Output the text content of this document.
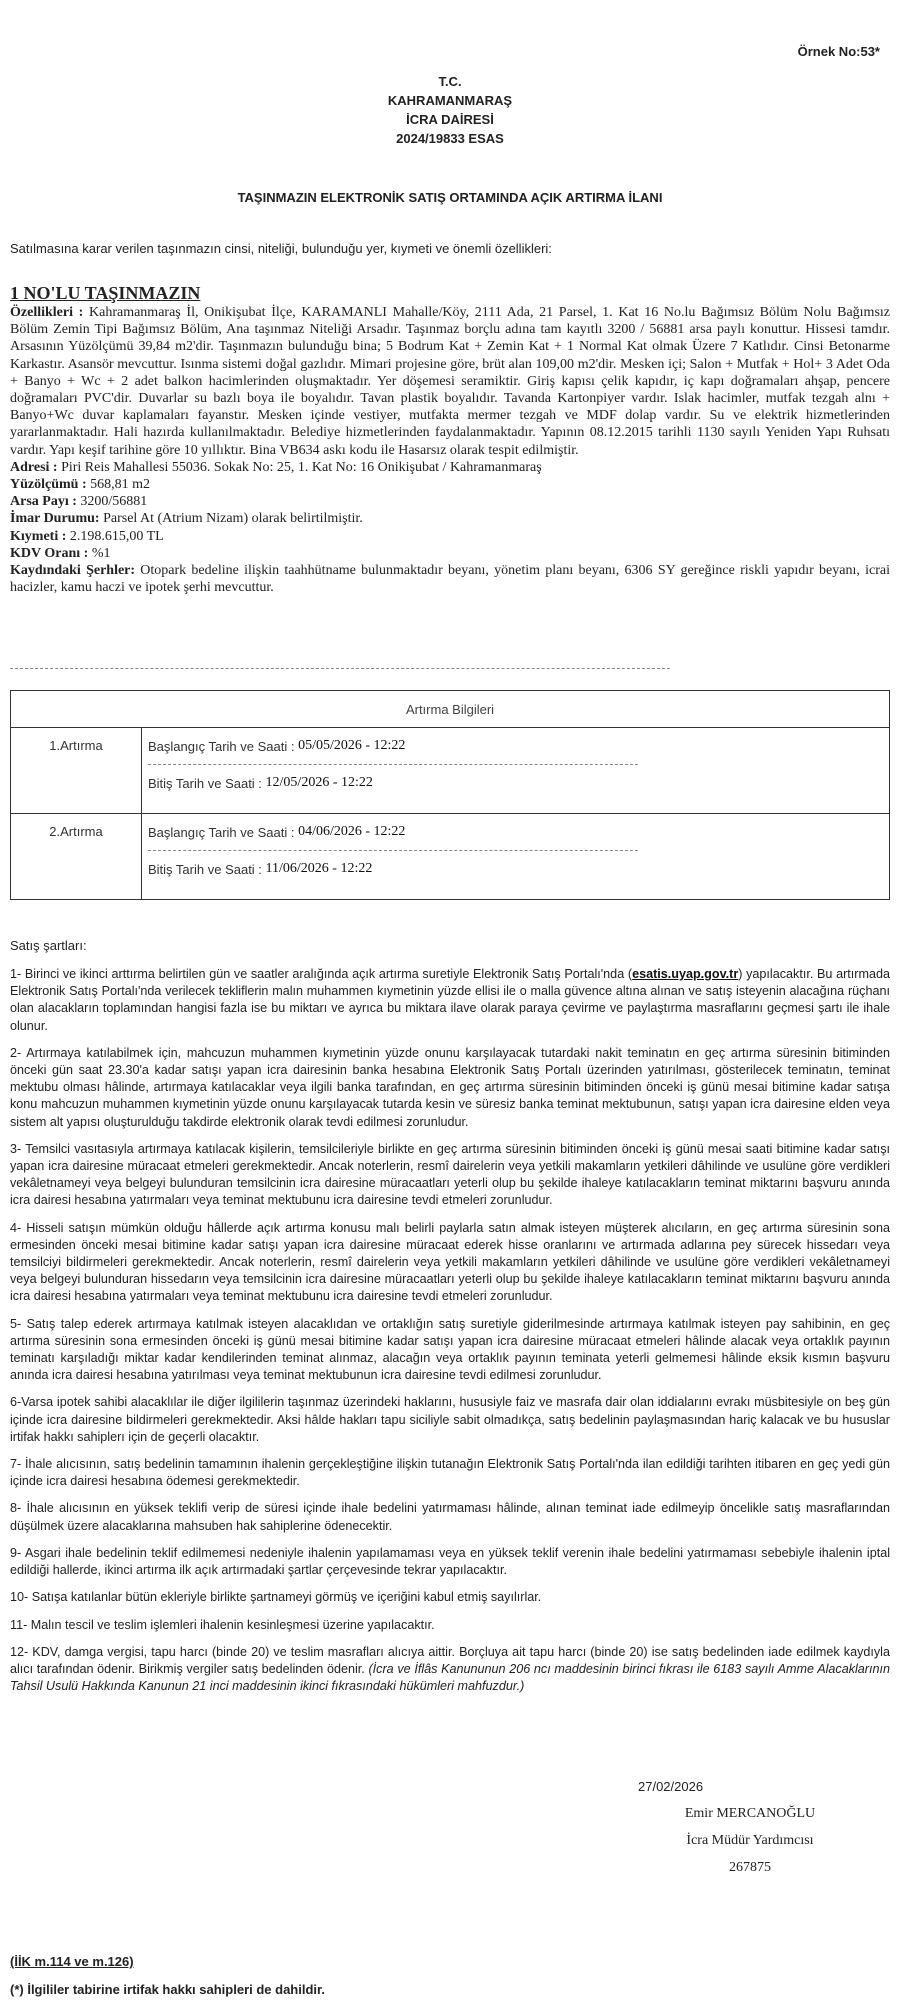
Örnek No:53*
T.C.
KAHRAMANMARAŞ
İCRA DAİRESİ
2024/19833 ESAS
TAŞINMAZIN ELEKTRONİK SATIŞ ORTAMINDA AÇIK ARTIRMA İLANI
Satılmasına karar verilen taşınmazın cinsi, niteliği, bulunduğu yer, kıymeti ve önemli özellikleri:
1 NO'LU TAŞINMAZIN

Özellikleri : Kahramanmaraş İl, Onikişubat İlçe, KARAMANLI Mahalle/Köy, 2111 Ada, 21 Parsel, 1. Kat 16 No.lu Bağımsız Bölüm Nolu Bağımsız Bölüm Zemin Tipi Bağımsız Bölüm, Ana taşınmaz Niteliği Arsadır. Taşınmaz borçlu adına tam kayıtlı 3200 / 56881 arsa paylı konuttur. Hissesi tamdır. Arsasının Yüzölçümü 39,84 m2'dir. Taşınmazın bulunduğu bina; 5 Bodrum Kat + Zemin Kat + 1 Normal Kat olmak Üzere 7 Katlıdır. Cinsi Betonarme Karkastır. Asansör mevcuttur. Isınma sistemi doğal gazlıdır. Mimari projesine göre, brüt alan 109,00 m2'dir. Mesken içi; Salon + Mutfak + Hol+ 3 Adet Oda + Banyo + Wc + 2 adet balkon hacimlerinden oluşmaktadır. Yer döşemesi seramiktir. Giriş kapısı çelik kapıdır, iç kapı doğramaları ahşap, pencere doğramaları PVC'dir. Duvarlar su bazlı boya ile boyalıdır. Tavan plastik boyalıdır. Tavanda Kartonpiyer vardır. Islak hacimler, mutfak tezgah alnı + Banyo+Wc duvar kaplamaları fayanstır. Mesken içinde vestiyer, mutfakta mermer tezgah ve MDF dolap vardır. Su ve elektrik hizmetlerinden yararlanmaktadır. Hali hazırda kullanılmaktadır. Belediye hizmetlerinden faydalanmaktadır. Yapının 08.12.2015 tarihli 1130 sayılı Yeniden Yapı Ruhsatı vardır. Yapı keşif tarihine göre 10 yıllıktır. Bina VB634 askı kodu ile Hasarsız olarak tespit edilmiştir.

Adresi : Piri Reis Mahallesi 55036. Sokak No: 25, 1. Kat No: 16 Onikişubat / Kahramanmaraş

Yüzölçümü : 568,81 m2

Arsa Payı : 3200/56881

İmar Durumu: Parsel At (Atrium Nizam) olarak belirtilmiştir.

Kıymeti : 2.198.615,00 TL

KDV Oranı : %1

Kaydındaki Şerhler: Otopark bedeline ilişkin taahhütname bulunmaktadır beyanı, yönetim planı beyanı, 6306 SY gereğince riskli yapıdır beyanı, icrai hacizler, kamu haczi ve ipotek şerhi mevcuttur.

Artırma Bilgileri	
1.Artırma	Başlangıç Tarih ve Saati :
05/05/2026 - 12:22
Bitiş Tarih ve Saati :
12/05/2026 - 12:22

2.Artırma	Başlangıç Tarih ve Saati :
04/06/2026 - 12:22
Bitiş Tarih ve Saati :
11/06/2026 - 12:22
Satış şartları:

1- Birinci ve ikinci arttırma belirtilen gün ve saatler aralığında açık artırma suretiyle Elektronik Satış Portalı'nda (esatis.uyap.gov.tr) yapılacaktır. Bu artırmada Elektronik Satış Portalı'nda verilecek tekliflerin malın muhammen kıymetinin yüzde ellisi ile o malla güvence altına alınan ve satış isteyenin alacağına rüçhanı olan alacakların toplamından hangisi fazla ise bu miktarı ve ayrıca bu miktara ilave olarak paraya çevirme ve paylaştırma masraflarını geçmesi şartı ile ihale olunur.

2- Artırmaya katılabilmek için, mahcuzun muhammen kıymetinin yüzde onunu karşılayacak tutardaki nakit teminatın en geç artırma süresinin bitiminden önceki gün saat 23.30'a kadar satışı yapan icra dairesinin banka hesabına Elektronik Satış Portalı üzerinden yatırılması, gösterilecek teminatın, teminat mektubu olması hâlinde, artırmaya katılacaklar veya ilgili banka tarafından, en geç artırma süresinin bitiminden önceki iş günü mesai bitimine kadar satışa konu mahcuzun muhammen kıymetinin yüzde onunu karşılayacak tutarda kesin ve süresiz banka teminat mektubunun, satışı yapan icra dairesine elden veya sistem alt yapısı oluşturulduğu takdirde elektronik olarak tevdi edilmesi zorunludur.

3- Temsilci vasıtasıyla artırmaya katılacak kişilerin, temsilcileriyle birlikte en geç artırma süresinin bitiminden önceki iş günü mesai saati bitimine kadar satışı yapan icra dairesine müracaat etmeleri gerekmektedir. Ancak noterlerin, resmî dairelerin veya yetkili makamların yetkileri dâhilinde ve usulüne göre verdikleri vekâletnameyi veya belgeyi bulunduran temsilcinin icra dairesine müracaatları yeterli olup bu şekilde ihaleye katılacakların teminat miktarını başvuru anında icra dairesi hesabına yatırmaları veya teminat mektubunu icra dairesine tevdi etmeleri zorunludur.

4- Hisseli satışın mümkün olduğu hâllerde açık artırma konusu malı belirli paylarla satın almak isteyen müşterek alıcıların, en geç artırma süresinin sona ermesinden önceki mesai bitimine kadar satışı yapan icra dairesine müracaat ederek hisse oranlarını ve artırmada adlarına pey sürecek hissedarı veya temsilciyi bildirmeleri gerekmektedir. Ancak noterlerin, resmî dairelerin veya yetkili makamların yetkileri dâhilinde ve usulüne göre verdikleri vekâletnameyi veya belgeyi bulunduran hissedarın veya temsilcinin icra dairesine müracaatları yeterli olup bu şekilde ihaleye katılacakların teminat miktarını başvuru anında icra dairesi hesabına yatırmaları veya teminat mektubunu icra dairesine tevdi etmeleri zorunludur.

5- Satış talep ederek artırmaya katılmak isteyen alacaklıdan ve ortaklığın satış suretiyle giderilmesinde artırmaya katılmak isteyen pay sahibinin, en geç artırma süresinin sona ermesinden önceki iş günü mesai bitimine kadar satışı yapan icra dairesine müracaat etmeleri hâlinde alacak veya ortaklık payının teminatı karşıladığı miktar kadar kendilerinden teminat alınmaz, alacağın veya ortaklık payının teminata yeterli gelmemesi hâlinde eksik kısmın başvuru anında icra dairesi hesabına yatırılması veya teminat mektubunun icra dairesine tevdi edilmesi zorunludur.

6-Varsa ipotek sahibi alacaklılar ile diğer ilgililerin taşınmaz üzerindeki haklarını, hususiyle faiz ve masrafa dair olan iddialarını evrakı müsbitesiyle on beş gün içinde icra dairesine bildirmeleri gerekmektedir. Aksi hâlde hakları tapu siciliyle sabit olmadıkça, satış bedelinin paylaşmasından hariç kalacak ve bu hususlar irtifak hakkı sahiplerı için de geçerli olacaktır.

7- İhale alıcısının, satış bedelinin tamamının ihalenin gerçekleştiğine ilişkin tutanağın Elektronik Satış Portalı'nda ilan edildiği tarihten itibaren en geç yedi gün içinde icra dairesi hesabına ödemesi gerekmektedir.

8- İhale alıcısının en yüksek teklifi verip de süresi içinde ihale bedelini yatırmaması hâlinde, alınan teminat iade edilmeyip öncelikle satış masraflarından düşülmek üzere alacaklarına mahsuben hak sahiplerine ödenecektir.

9- Asgari ihale bedelinin teklif edilmemesi nedeniyle ihalenin yapılamaması veya en yüksek teklif verenin ihale bedelini yatırmaması sebebiyle ihalenin iptal edildiği hallerde, ikinci artırma ilk açık artırmadaki şartlar çerçevesinde tekrar yapılacaktır.

10- Satışa katılanlar bütün ekleriyle birlikte şartnameyi görmüş ve içeriğini kabul etmiş sayılırlar.

11- Malın tescil ve teslim işlemleri ihalenin kesinleşmesi üzerine yapılacaktır.

12- KDV, damga vergisi, tapu harcı (binde 20) ve teslim masrafları alıcıya aittir. Borçluya ait tapu harcı (binde 20) ise satış bedelinden iade edilmek kaydıyla alıcı tarafından ödenir. Birikmiş vergiler satış bedelinden ödenir. (İcra ve İflâs Kanununun 206 ncı maddesinin birinci fıkrası ile 6183 sayılı Amme Alacaklarının Tahsil Usulü Hakkında Kanunun 21 inci maddesinin ikinci fıkrasındaki hükümleri mahfuzdur.)

27/02/2026
Emir MERCANOĞLU
İcra Müdür Yardımcısı
267875
(İİK m.114 ve m.126)
(*) İlgililer tabirine irtifak hakkı sahipleri de dahildir.
